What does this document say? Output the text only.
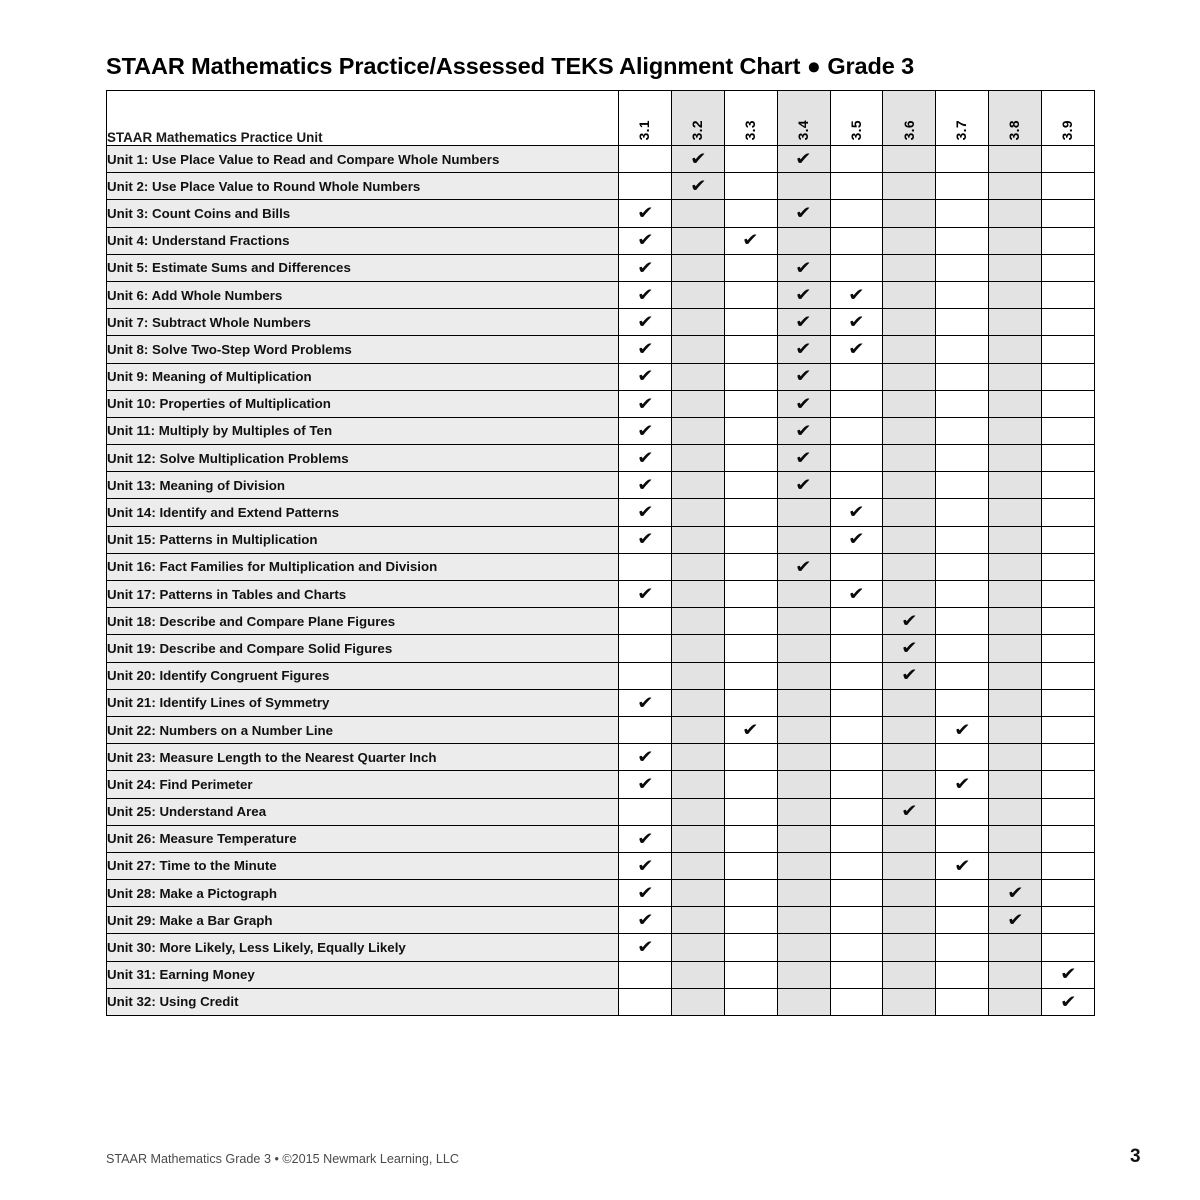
STAAR Mathematics Practice/Assessed TEKS Alignment Chart ● Grade 3
STAAR Mathematics Practice Unit	3.1	3.2	3.3	3.4	3.5	3.6	3.7	3.8	3.9
Unit 1: Use Place Value to Read and Compare Whole Numbers		✔		✔					
Unit 2: Use Place Value to Round Whole Numbers		✔							
Unit 3: Count Coins and Bills	✔			✔					
Unit 4: Understand Fractions	✔		✔						
Unit 5: Estimate Sums and Differences	✔			✔					
Unit 6: Add Whole Numbers	✔			✔	✔				
Unit 7: Subtract Whole Numbers	✔			✔	✔				
Unit 8: Solve Two-Step Word Problems	✔			✔	✔				
Unit 9: Meaning of Multiplication	✔			✔					
Unit 10: Properties of Multiplication	✔			✔					
Unit 11: Multiply by Multiples of Ten	✔			✔					
Unit 12: Solve Multiplication Problems	✔			✔					
Unit 13: Meaning of Division	✔			✔					
Unit 14: Identify and Extend Patterns	✔				✔				
Unit 15: Patterns in Multiplication	✔				✔				
Unit 16: Fact Families for Multiplication and Division				✔					
Unit 17: Patterns in Tables and Charts	✔				✔				
Unit 18: Describe and Compare Plane Figures						✔			
Unit 19: Describe and Compare Solid Figures						✔			
Unit 20: Identify Congruent Figures						✔			
Unit 21: Identify Lines of Symmetry	✔								
Unit 22: Numbers on a Number Line			✔				✔		
Unit 23: Measure Length to the Nearest Quarter Inch	✔								
Unit 24: Find Perimeter	✔						✔		
Unit 25: Understand Area						✔			
Unit 26: Measure Temperature	✔								
Unit 27: Time to the Minute	✔						✔		
Unit 28: Make a Pictograph	✔							✔	
Unit 29: Make a Bar Graph	✔							✔	
Unit 30: More Likely, Less Likely, Equally Likely	✔								
Unit 31: Earning Money									✔
Unit 32: Using Credit									✔
STAAR Mathematics Grade 3 • ©2015 Newmark Learning, LLC	3
